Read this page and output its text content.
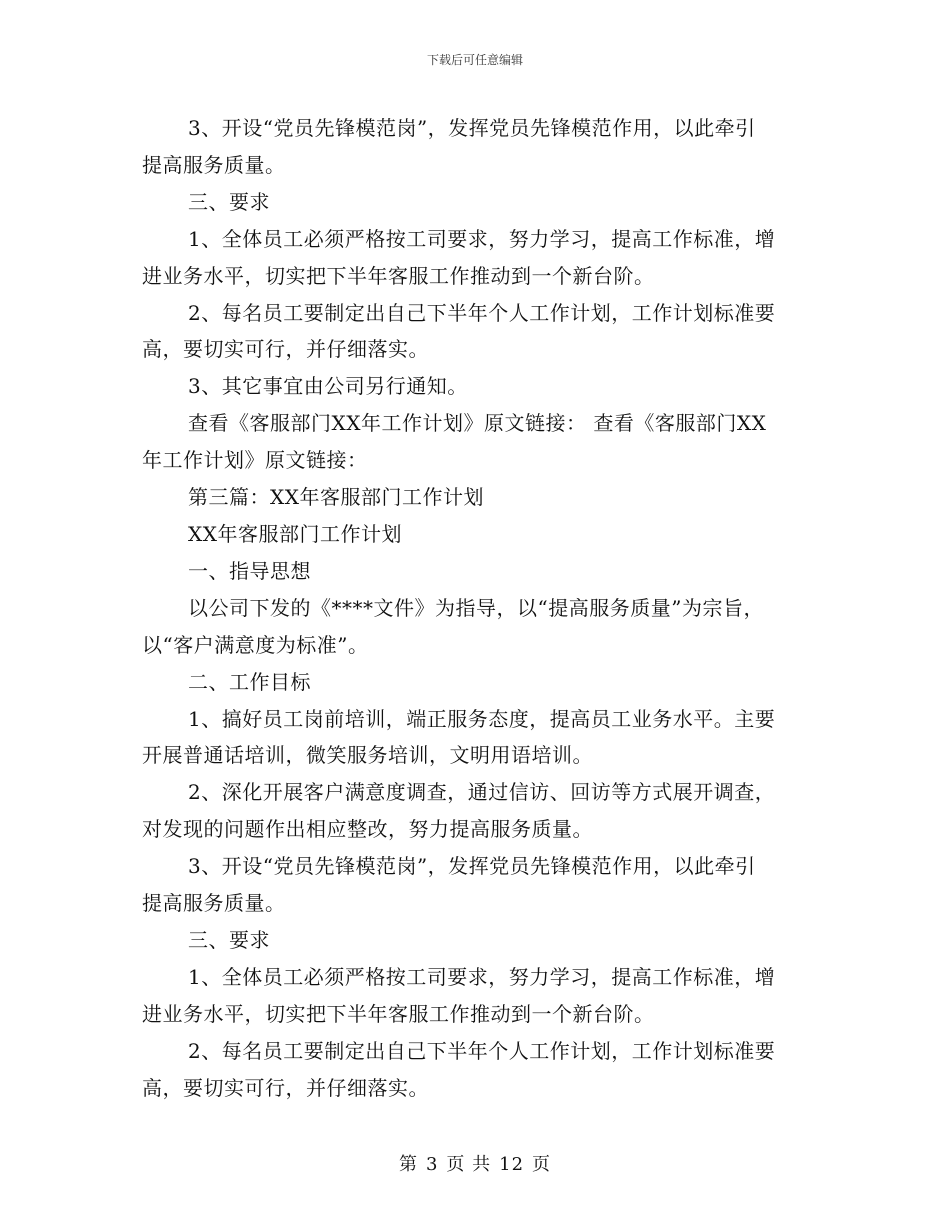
下载后可任意编辑

3、开设“党员先锋模范岗”，发挥党员先锋模范作用，以此牵引

提高服务质量。

三、要求

1、全体员工必须严格按工司要求，努力学习，提高工作标准，增

进业务水平，切实把下半年客服工作推动到一个新台阶。

2、每名员工要制定出自己下半年个人工作计划，工作计划标准要

高，要切实可行，并仔细落实。

3、其它事宜由公司另行通知。

查看《客服部门XX年工作计划》原文链接： 查看《客服部门XX

年工作计划》原文链接：

第三篇：XX年客服部门工作计划

XX年客服部门工作计划

一、指导思想

以公司下发的《****文件》为指导，以“提高服务质量”为宗旨，

以“客户满意度为标准”。

二、工作目标

1、搞好员工岗前培训，端正服务态度，提高员工业务水平。主要

开展普通话培训，微笑服务培训，文明用语培训。

2、深化开展客户满意度调查，通过信访、回访等方式展开调查，

对发现的问题作出相应整改，努力提高服务质量。

3、开设“党员先锋模范岗”，发挥党员先锋模范作用，以此牵引

提高服务质量。

三、要求

1、全体员工必须严格按工司要求，努力学习，提高工作标准，增

进业务水平，切实把下半年客服工作推动到一个新台阶。

2、每名员工要制定出自己下半年个人工作计划，工作计划标准要

高，要切实可行，并仔细落实。

第 3 页 共 12 页
